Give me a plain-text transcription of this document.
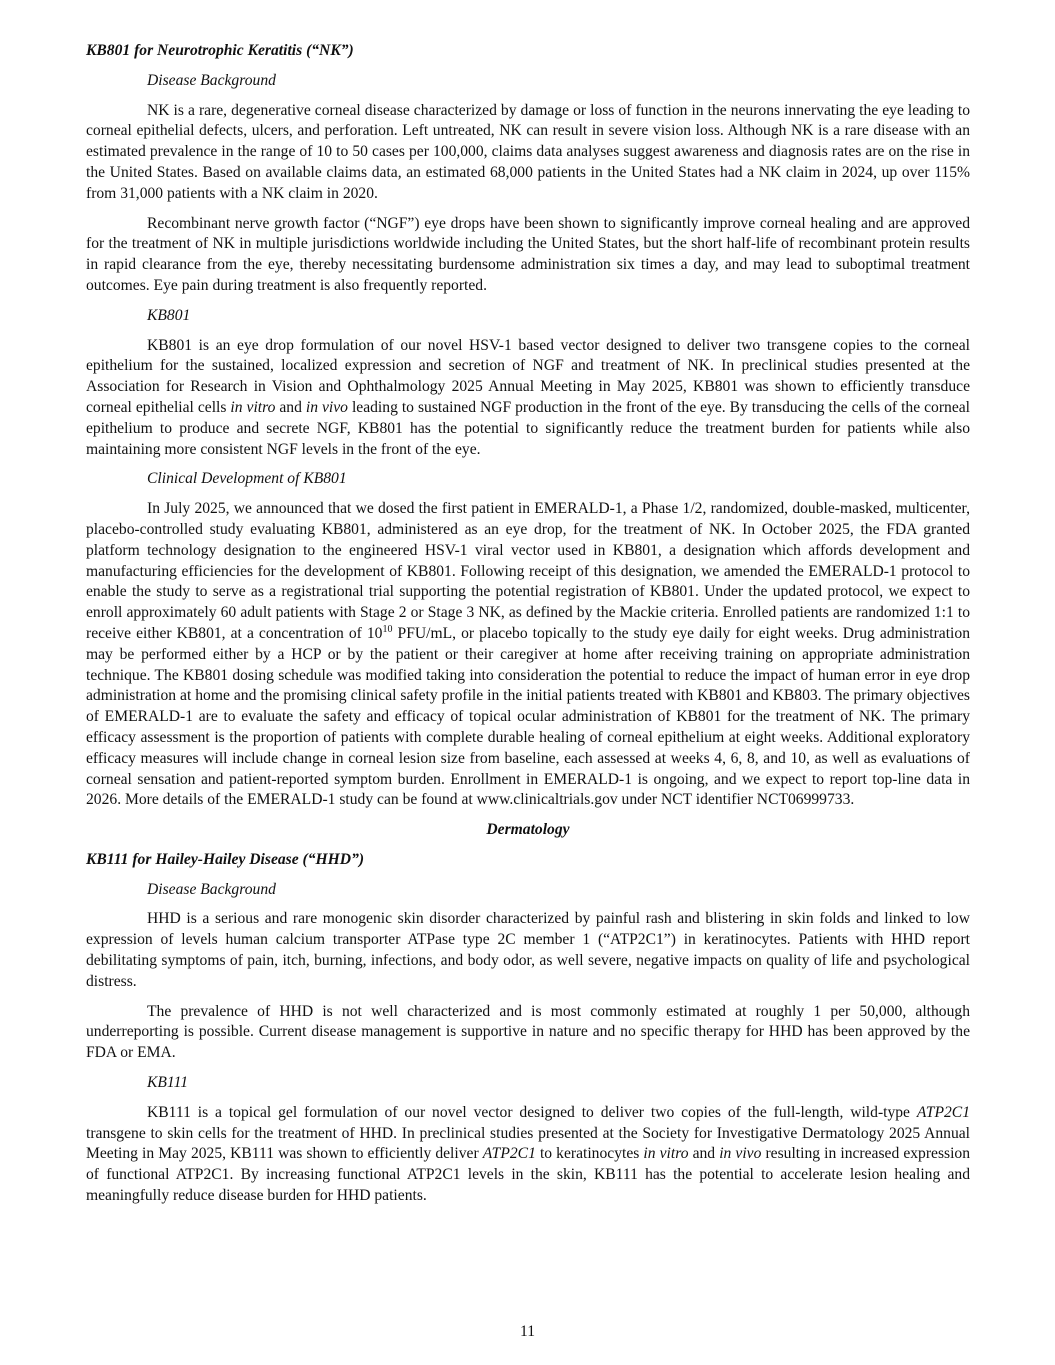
KB801 for Neurotrophic Keratitis (“NK”)
Disease Background

NK is a rare, degenerative corneal disease characterized by damage or loss of function in the neurons innervating the eye leading to corneal epithelial defects, ulcers, and perforation. Left untreated, NK can result in severe vision loss. Although NK is a rare disease with an estimated prevalence in the range of 10 to 50 cases per 100,000, claims data analyses suggest awareness and diagnosis rates are on the rise in the United States. Based on available claims data, an estimated 68,000 patients in the United States had a NK claim in 2024, up over 115% from 31,000 patients with a NK claim in 2020.

Recombinant nerve growth factor (“NGF”) eye drops have been shown to significantly improve corneal healing and are approved for the treatment of NK in multiple jurisdictions worldwide including the United States, but the short half-life of recombinant protein results in rapid clearance from the eye, thereby necessitating burdensome administration six times a day, and may lead to suboptimal treatment outcomes. Eye pain during treatment is also frequently reported.

KB801

KB801 is an eye drop formulation of our novel HSV-1 based vector designed to deliver two transgene copies to the corneal epithelium for the sustained, localized expression and secretion of NGF and treatment of NK. In preclinical studies presented at the Association for Research in Vision and Ophthalmology 2025 Annual Meeting in May 2025, KB801 was shown to efficiently transduce corneal epithelial cells in vitro and in vivo leading to sustained NGF production in the front of the eye. By transducing the cells of the corneal epithelium to produce and secrete NGF, KB801 has the potential to significantly reduce the treatment burden for patients while also maintaining more consistent NGF levels in the front of the eye.

Clinical Development of KB801

In July 2025, we announced that we dosed the first patient in EMERALD-1, a Phase 1/2, randomized, double-masked, multicenter, placebo-controlled study evaluating KB801, administered as an eye drop, for the treatment of NK. In October 2025, the FDA granted platform technology designation to the engineered HSV-1 viral vector used in KB801, a designation which affords development and manufacturing efficiencies for the development of KB801. Following receipt of this designation, we amended the EMERALD-1 protocol to enable the study to serve as a registrational trial supporting the potential registration of KB801. Under the updated protocol, we expect to enroll approximately 60 adult patients with Stage 2 or Stage 3 NK, as defined by the Mackie criteria. Enrolled patients are randomized 1:1 to receive either KB801, at a concentration of $10^{10}$ PFU/mL, or placebo topically to the study eye daily for eight weeks. Drug administration may be performed either by a HCP or by the patient or their caregiver at home after receiving training on appropriate administration technique. The KB801 dosing schedule was modified taking into consideration the potential to reduce the impact of human error in eye drop administration at home and the promising clinical safety profile in the initial patients treated with KB801 and KB803. The primary objectives of EMERALD-1 are to evaluate the safety and efficacy of topical ocular administration of KB801 for the treatment of NK. The primary efficacy assessment is the proportion of patients with complete durable healing of corneal epithelium at eight weeks. Additional exploratory efficacy measures will include change in corneal lesion size from baseline, each assessed at weeks 4, 6, 8, and 10, as well as evaluations of corneal sensation and patient-reported symptom burden. Enrollment in EMERALD-1 is ongoing, and we expect to report top-line data in 2026. More details of the EMERALD-1 study can be found at www.clinicaltrials.gov under NCT identifier NCT06999733.

Dermatology
KB111 for Hailey-Hailey Disease (“HHD”)
Disease Background

HHD is a serious and rare monogenic skin disorder characterized by painful rash and blistering in skin folds and linked to low expression of levels human calcium transporter ATPase type 2C member 1 (“ATP2C1”) in keratinocytes. Patients with HHD report debilitating symptoms of pain, itch, burning, infections, and body odor, as well severe, negative impacts on quality of life and psychological distress.

The prevalence of HHD is not well characterized and is most commonly estimated at roughly 1 per 50,000, although underreporting is possible. Current disease management is supportive in nature and no specific therapy for HHD has been approved by the FDA or EMA.

KB111

KB111 is a topical gel formulation of our novel vector designed to deliver two copies of the full-length, wild-type ATP2C1 transgene to skin cells for the treatment of HHD. In preclinical studies presented at the Society for Investigative Dermatology 2025 Annual Meeting in May 2025, KB111 was shown to efficiently deliver ATP2C1 to keratinocytes in vitro and in vivo resulting in increased expression of functional ATP2C1. By increasing functional ATP2C1 levels in the skin, KB111 has the potential to accelerate lesion healing and meaningfully reduce disease burden for HHD patients.

11
